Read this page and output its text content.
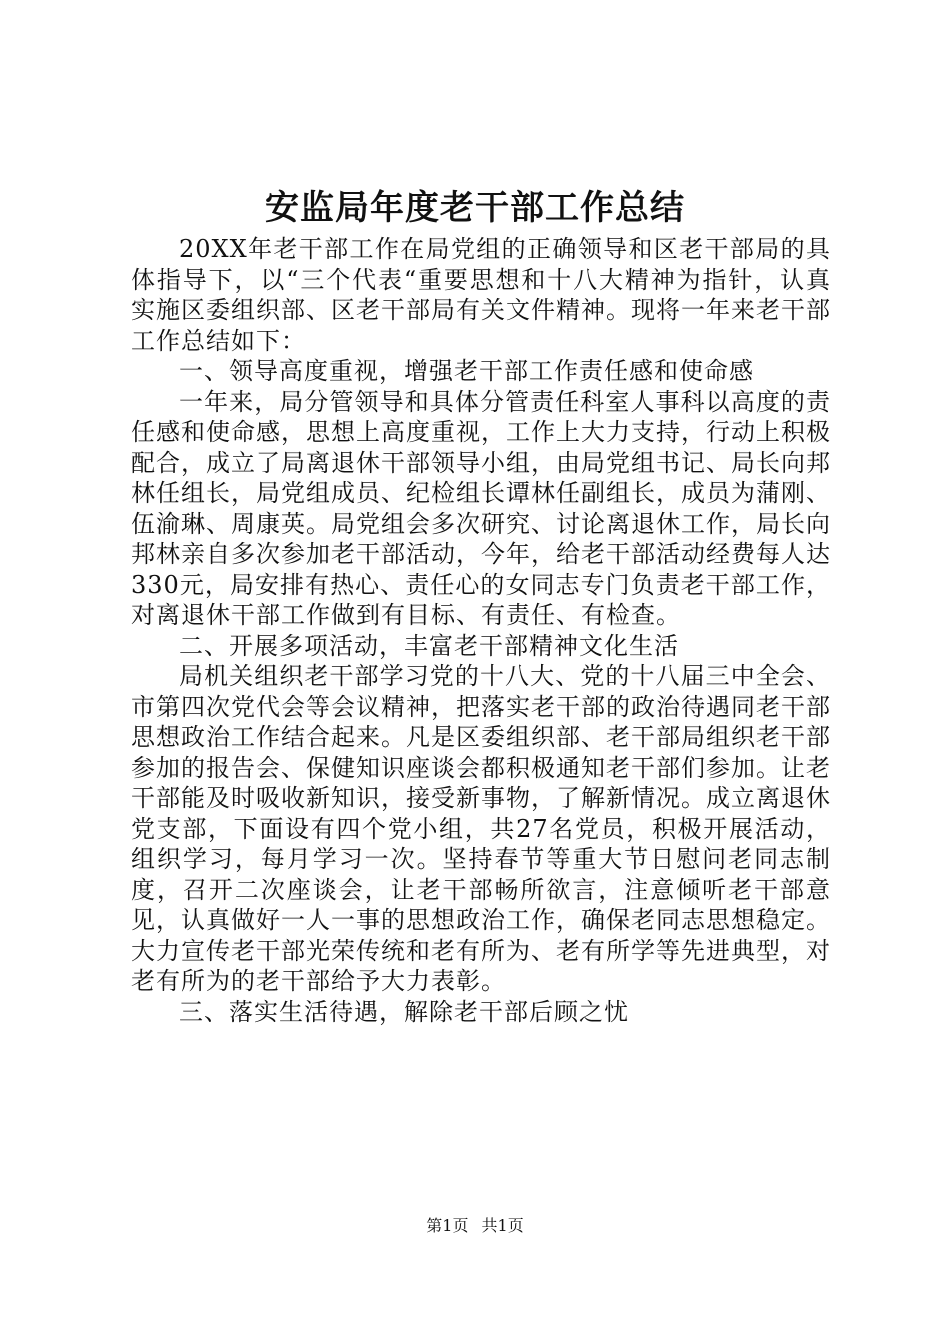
安监局年度老干部工作总结

20XX年老干部工作在局党组的正确领导和区老干部局的具体指导下，以“三个代表“重要思想和十八大精神为指针，认真实施区委组织部、区老干部局有关文件精神。现将一年来老干部工作总结如下：

一、领导高度重视，增强老干部工作责任感和使命感

一年来，局分管领导和具体分管责任科室人事科以高度的责任感和使命感，思想上高度重视，工作上大力支持，行动上积极配合，成立了局离退休干部领导小组，由局党组书记、局长向邦林任组长，局党组成员、纪检组长谭林任副组长，成员为蒲刚、伍渝琳、周康英。局党组会多次研究、讨论离退休工作，局长向邦林亲自多次参加老干部活动，今年，给老干部活动经费每人达330元，局安排有热心、责任心的女同志专门负责老干部工作，对离退休干部工作做到有目标、有责任、有检查。

二、开展多项活动，丰富老干部精神文化生活

局机关组织老干部学习党的十八大、党的十八届三中全会、市第四次党代会等会议精神，把落实老干部的政治待遇同老干部思想政治工作结合起来。凡是区委组织部、老干部局组织老干部参加的报告会、保健知识座谈会都积极通知老干部们参加。让老干部能及时吸收新知识，接受新事物，了解新情况。成立离退休党支部，下面设有四个党小组，共27名党员，积极开展活动，组织学习，每月学习一次。坚持春节等重大节日慰问老同志制度，召开二次座谈会，让老干部畅所欲言，注意倾听老干部意见，认真做好一人一事的思想政治工作，确保老同志思想稳定。大力宣传老干部光荣传统和老有所为、老有所学等先进典型，对老有所为的老干部给予大力表彰。

三、落实生活待遇，解除老干部后顾之忧

第1页 共1页
